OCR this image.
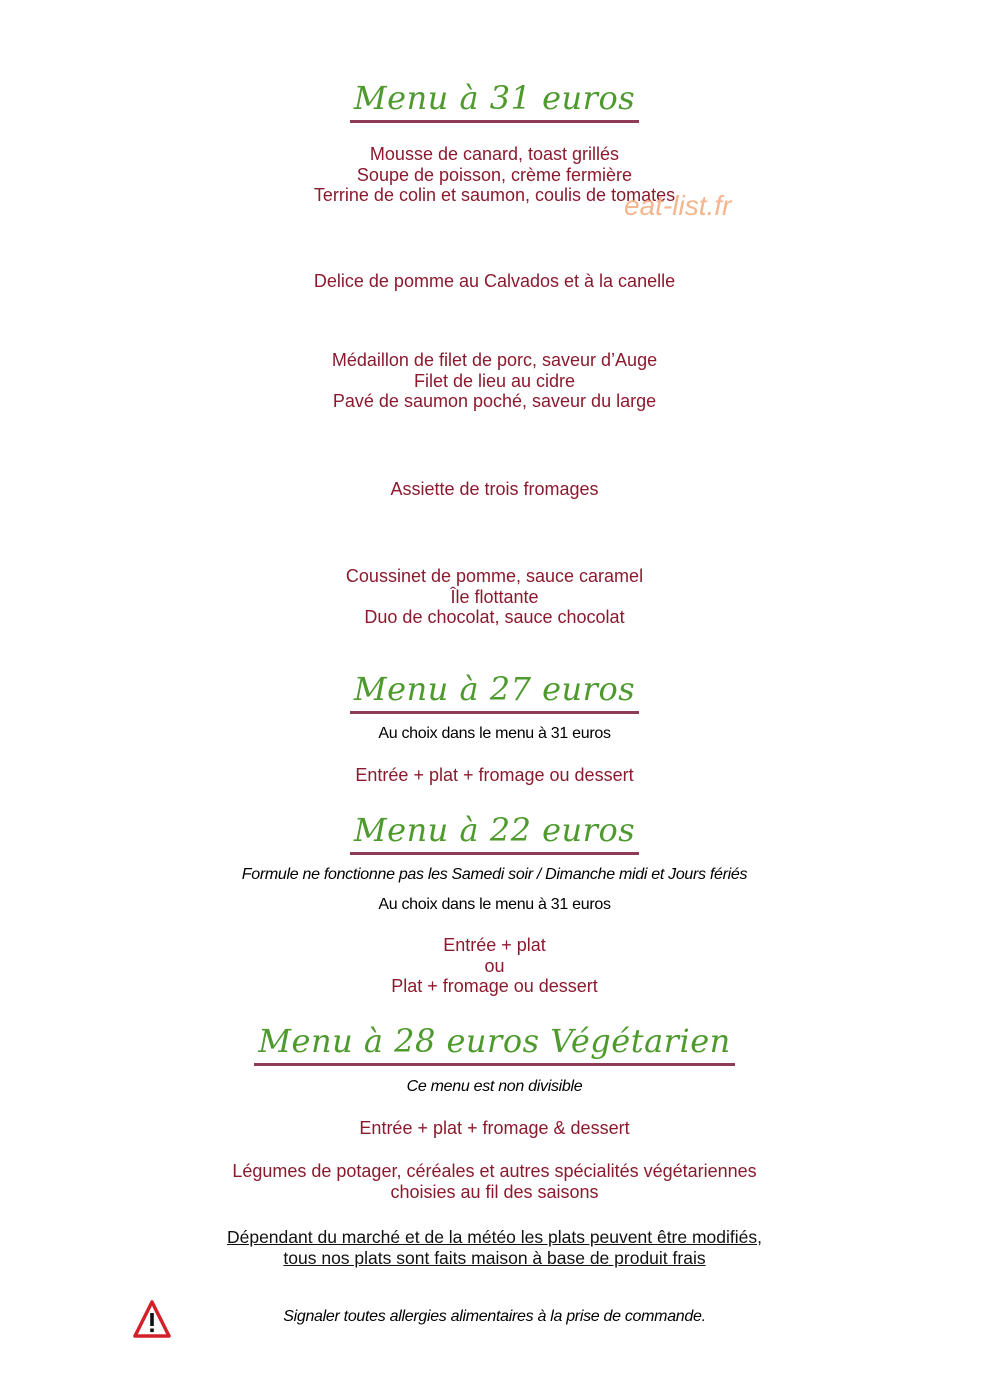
Menu à 31 euros
Mousse de canard, toast grillés
Soupe de poisson, crème fermière
Terrine de colin et saumon, coulis de tomates
eat-list.fr
Delice de pomme au Calvados et à la canelle
Médaillon de filet de porc, saveur d’Auge
Filet de lieu au cidre
Pavé de saumon poché, saveur du large
Assiette de trois fromages
Coussinet de pomme, sauce caramel
Île flottante
Duo de chocolat, sauce chocolat
Menu à 27 euros
Au choix dans le menu à 31 euros
Entrée + plat + fromage ou dessert
Menu à 22 euros
Formule ne fonctionne pas les Samedi soir / Dimanche midi et Jours fériés
Au choix dans le menu à 31 euros
Entrée + plat
ou
Plat + fromage ou dessert
Menu à 28 euros Végétarien
Ce menu est non divisible
Entrée + plat + fromage & dessert
Légumes de potager, céréales et autres spécialités végétariennes
choisies au fil des saisons
Dépendant du marché et de la météo les plats peuvent être modifiés,
tous nos plats sont faits maison à base de produit frais
Signaler toutes allergies alimentaires à la prise de commande.
